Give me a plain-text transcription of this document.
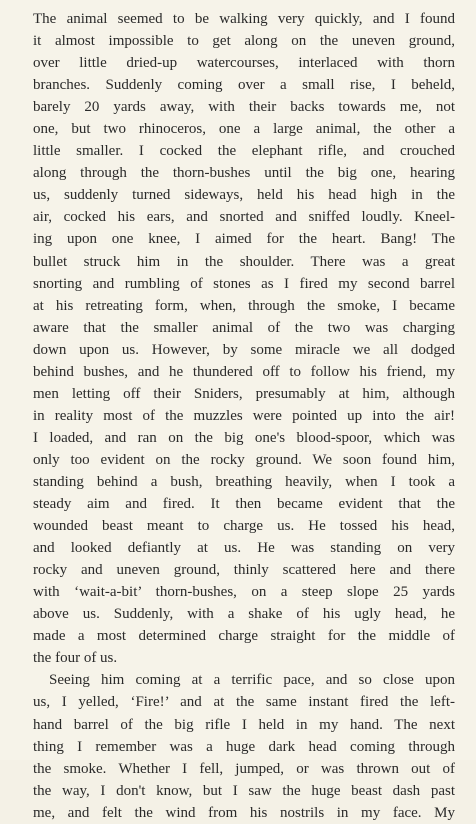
The animal seemed to be walking very quickly, and I found
it almost impossible to get along on the uneven ground,
over little dried-up watercourses, interlaced with thorn
branches. Suddenly coming over a small rise, I beheld,
barely 20 yards away, with their backs towards me, not
one, but two rhinoceros, one a large animal, the other a
little smaller. I cocked the elephant rifle, and crouched
along through the thorn-bushes until the big one, hearing
us, suddenly turned sideways, held his head high in the
air, cocked his ears, and snorted and sniffed loudly. Kneel-
ing upon one knee, I aimed for the heart. Bang! The
bullet struck him in the shoulder. There was a great
snorting and rumbling of stones as I fired my second barrel
at his retreating form, when, through the smoke, I became
aware that the smaller animal of the two was charging
down upon us. However, by some miracle we all dodged
behind bushes, and he thundered off to follow his friend, my
men letting off their Sniders, presumably at him, although
in reality most of the muzzles were pointed up into the air!
I loaded, and ran on the big one's blood-spoor, which was
only too evident on the rocky ground. We soon found him,
standing behind a bush, breathing heavily, when I took a
steady aim and fired. It then became evident that the
wounded beast meant to charge us. He tossed his head,
and looked defiantly at us. He was standing on very
rocky and uneven ground, thinly scattered here and there
with ‘wait-a-bit’ thorn-bushes, on a steep slope 25 yards
above us. Suddenly, with a shake of his ugly head, he
made a most determined charge straight for the middle of
the four of us.
Seeing him coming at a terrific pace, and so close upon
us, I yelled, ‘Fire!’ and at the same instant fired the left-
hand barrel of the big rifle I held in my hand. The next
thing I remember was a huge dark head coming through
the smoke. Whether I fell, jumped, or was thrown out of
the way, I don't know, but I saw the huge beast dash past
me, and felt the wind from his nostrils in my face. My
